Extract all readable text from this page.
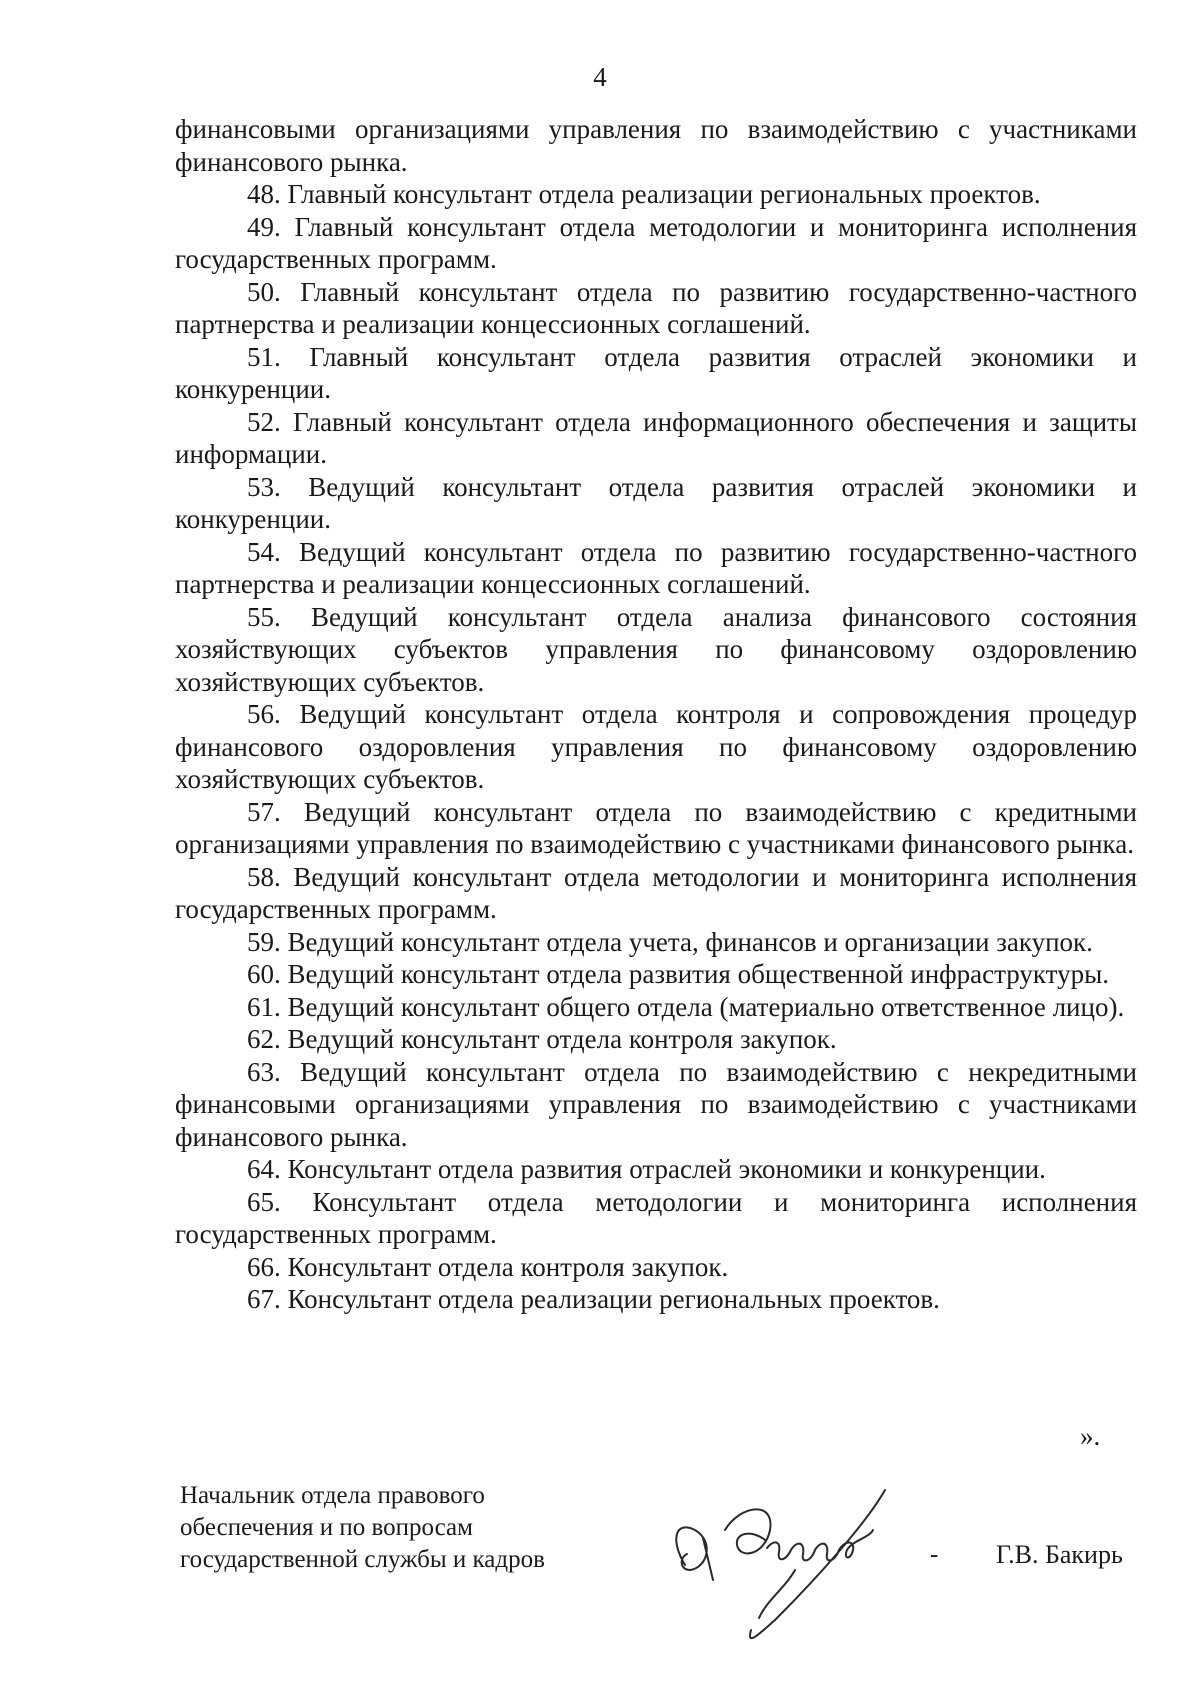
4

финансовыми организациями управления по взаимодействию с участниками финансового рынка.

48. Главный консультант отдела реализации региональных проектов.

49. Главный консультант отдела методологии и мониторинга исполнения государственных программ.

50. Главный консультант отдела по развитию государственно-частного партнерства и реализации концессионных соглашений.

51. Главный консультант отдела развития отраслей экономики и конкуренции.

52. Главный консультант отдела информационного обеспечения и защиты информации.

53. Ведущий консультант отдела развития отраслей экономики и конкуренции.

54. Ведущий консультант отдела по развитию государственно-частного партнерства и реализации концессионных соглашений.

55. Ведущий консультант отдела анализа финансового состояния хозяйствующих субъектов управления по финансовому оздоровлению хозяйствующих субъектов.

56. Ведущий консультант отдела контроля и сопровождения процедур финансового оздоровления управления по финансовому оздоровлению хозяйствующих субъектов.

57. Ведущий консультант отдела по взаимодействию с кредитными организациями управления по взаимодействию с участниками финансового рынка.

58. Ведущий консультант отдела методологии и мониторинга исполнения государственных программ.

59. Ведущий консультант отдела учета, финансов и организации закупок.

60. Ведущий консультант отдела развития общественной инфраструктуры.

61. Ведущий консультант общего отдела (материально ответственное лицо).

62. Ведущий консультант отдела контроля закупок.

63. Ведущий консультант отдела по взаимодействию с некредитными финансовыми организациями управления по взаимодействию с участниками финансового рынка.

64. Консультант отдела развития отраслей экономики и конкуренции.

65. Консультант отдела методологии и мониторинга исполнения государственных программ.

66. Консультант отдела контроля закупок.

67. Консультант отдела реализации региональных проектов.

».
Начальник отдела правового
обеспечения и по вопросам
государственной службы и кадров	- Г.В. Бакирь
